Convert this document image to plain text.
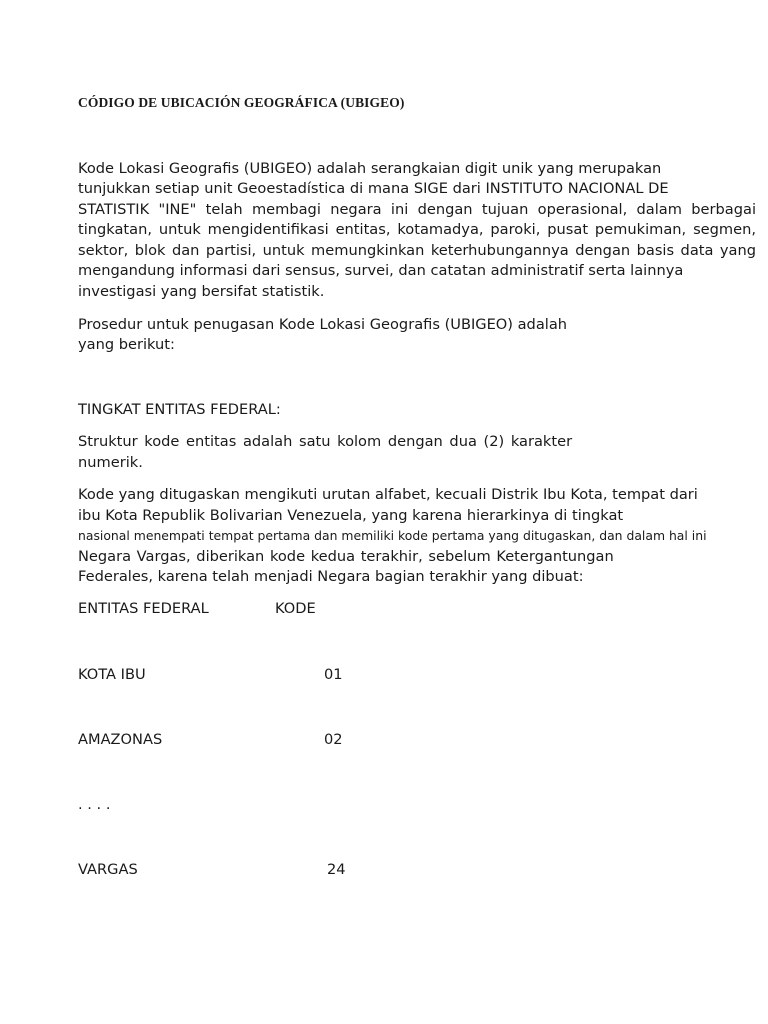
CÓDIGO DE UBICACIÓN GEOGRÁFICA (UBIGEO)
Kode Lokasi Geografis (UBIGEO) adalah serangkaian digit unik yang merupakan
tunjukkan setiap unit Geoestadística di mana SIGE dari INSTITUTO NACIONAL DE
STATISTIK "INE" telah membagi negara ini dengan tujuan operasional, dalam berbagai
tingkatan, untuk mengidentifikasi entitas, kotamadya, paroki, pusat pemukiman, segmen,
sektor, blok dan partisi, untuk memungkinkan keterhubungannya dengan basis data yang
mengandung informasi dari sensus, survei, dan catatan administratif serta lainnya
investigasi yang bersifat statistik.
Prosedur untuk penugasan Kode Lokasi Geografis (UBIGEO) adalah
yang berikut:
TINGKAT ENTITAS FEDERAL:
Struktur kode entitas adalah satu kolom dengan dua (2) karakter
numerik.
Kode yang ditugaskan mengikuti urutan alfabet, kecuali Distrik Ibu Kota, tempat dari
ibu Kota Republik Bolivarian Venezuela, yang karena hierarkinya di tingkat
nasional menempati tempat pertama dan memiliki kode pertama yang ditugaskan, dan dalam hal ini
Negara Vargas, diberikan kode kedua terakhir, sebelum Ketergantungan
Federales, karena telah menjadi Negara bagian terakhir yang dibuat:
ENTITAS FEDERAL	KODE
KOTA IBU	01
AMAZONAS	02
. . . .
VARGAS	24
